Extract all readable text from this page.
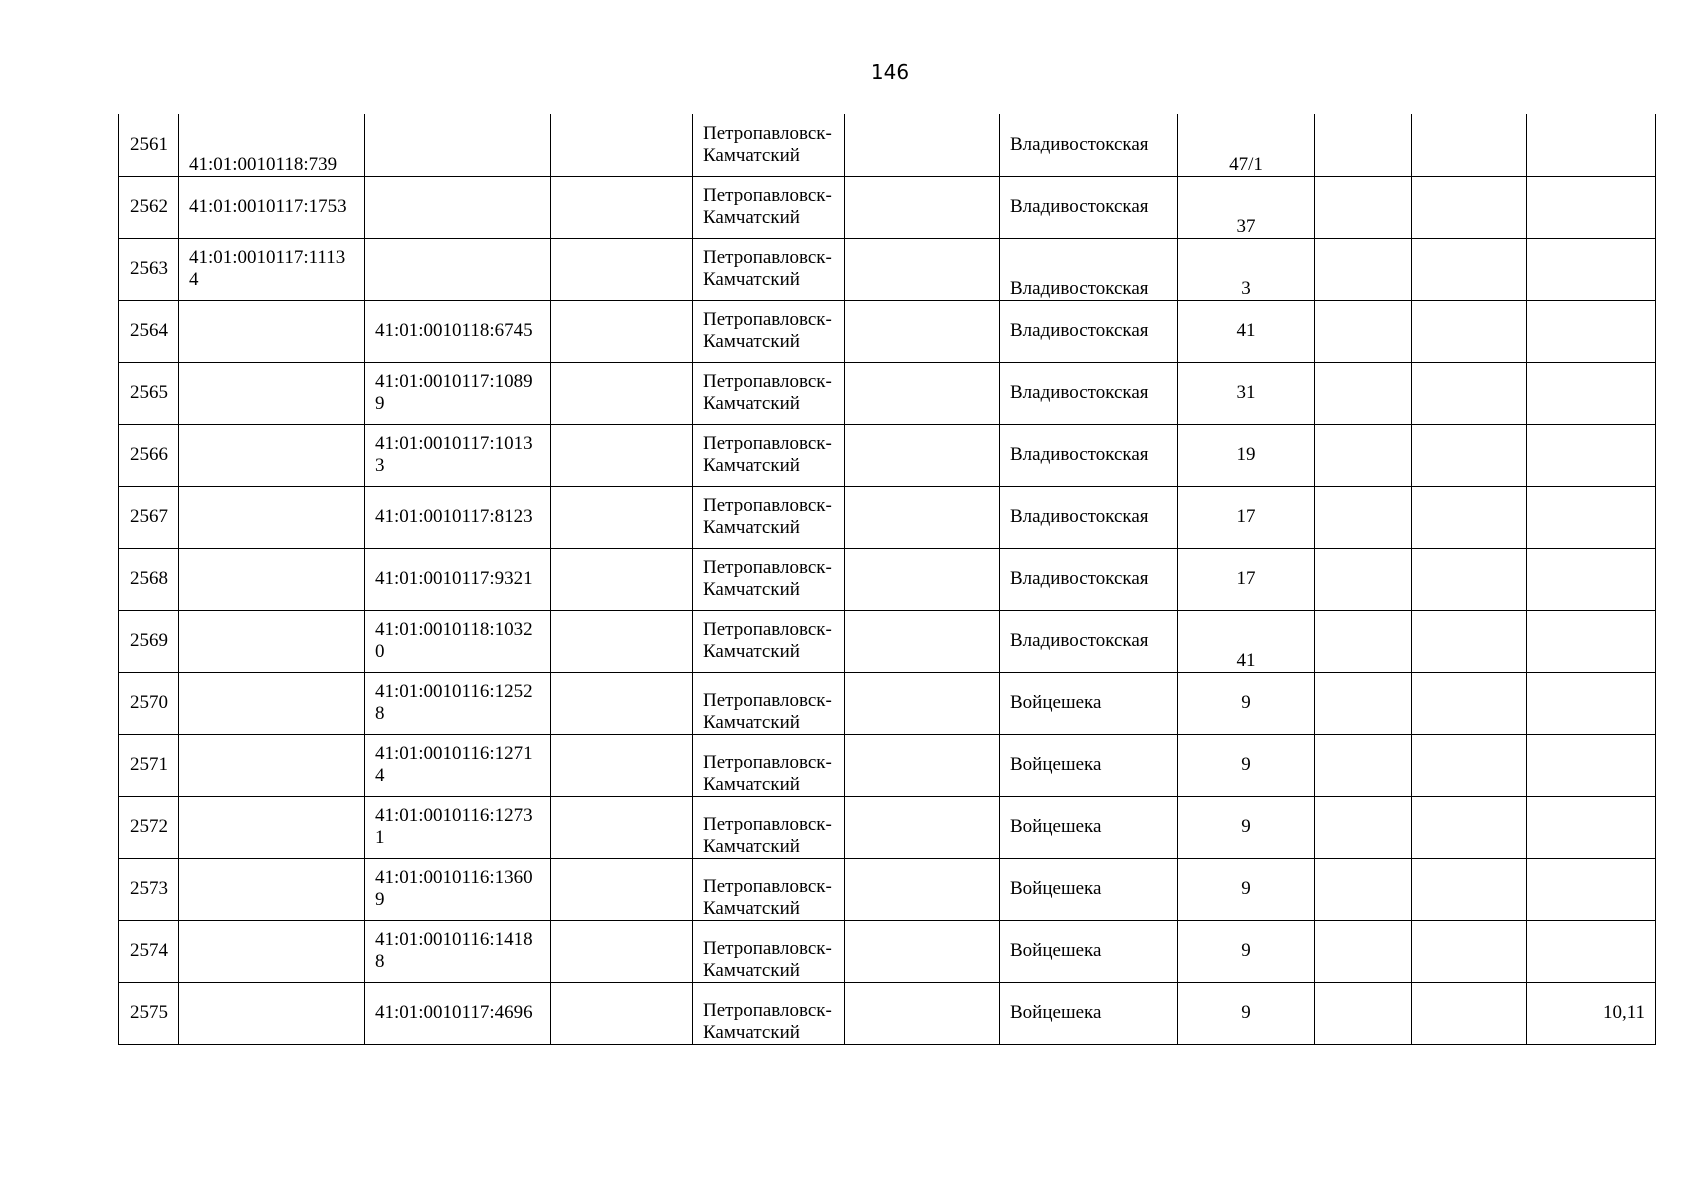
146
2561	41:01:0010118:739			Петропавловск-Камчатский		Владивостокская	47/1			
2562	41:01:0010117:1753			Петропавловск-Камчатский		Владивостокская	37			
2563	41:01:0010117:11134			Петропавловск-Камчатский		Владивостокская	3			
2564		41:01:0010118:6745		Петропавловск-Камчатский		Владивостокская	41			
2565		41:01:0010117:10899		Петропавловск-Камчатский		Владивостокская	31			
2566		41:01:0010117:10133		Петропавловск-Камчатский		Владивостокская	19			
2567		41:01:0010117:8123		Петропавловск-Камчатский		Владивостокская	17			
2568		41:01:0010117:9321		Петропавловск-Камчатский		Владивостокская	17			
2569		41:01:0010118:10320		Петропавловск-Камчатский		Владивостокская	41			
2570		41:01:0010116:12528		Петропавловск-Камчатский		Войцешека	9			
2571		41:01:0010116:12714		Петропавловск-Камчатский		Войцешека	9			
2572		41:01:0010116:12731		Петропавловск-Камчатский		Войцешека	9			
2573		41:01:0010116:13609		Петропавловск-Камчатский		Войцешека	9			
2574		41:01:0010116:14188		Петропавловск-Камчатский		Войцешека	9			
2575		41:01:0010117:4696		Петропавловск-Камчатский		Войцешека	9			10,11
